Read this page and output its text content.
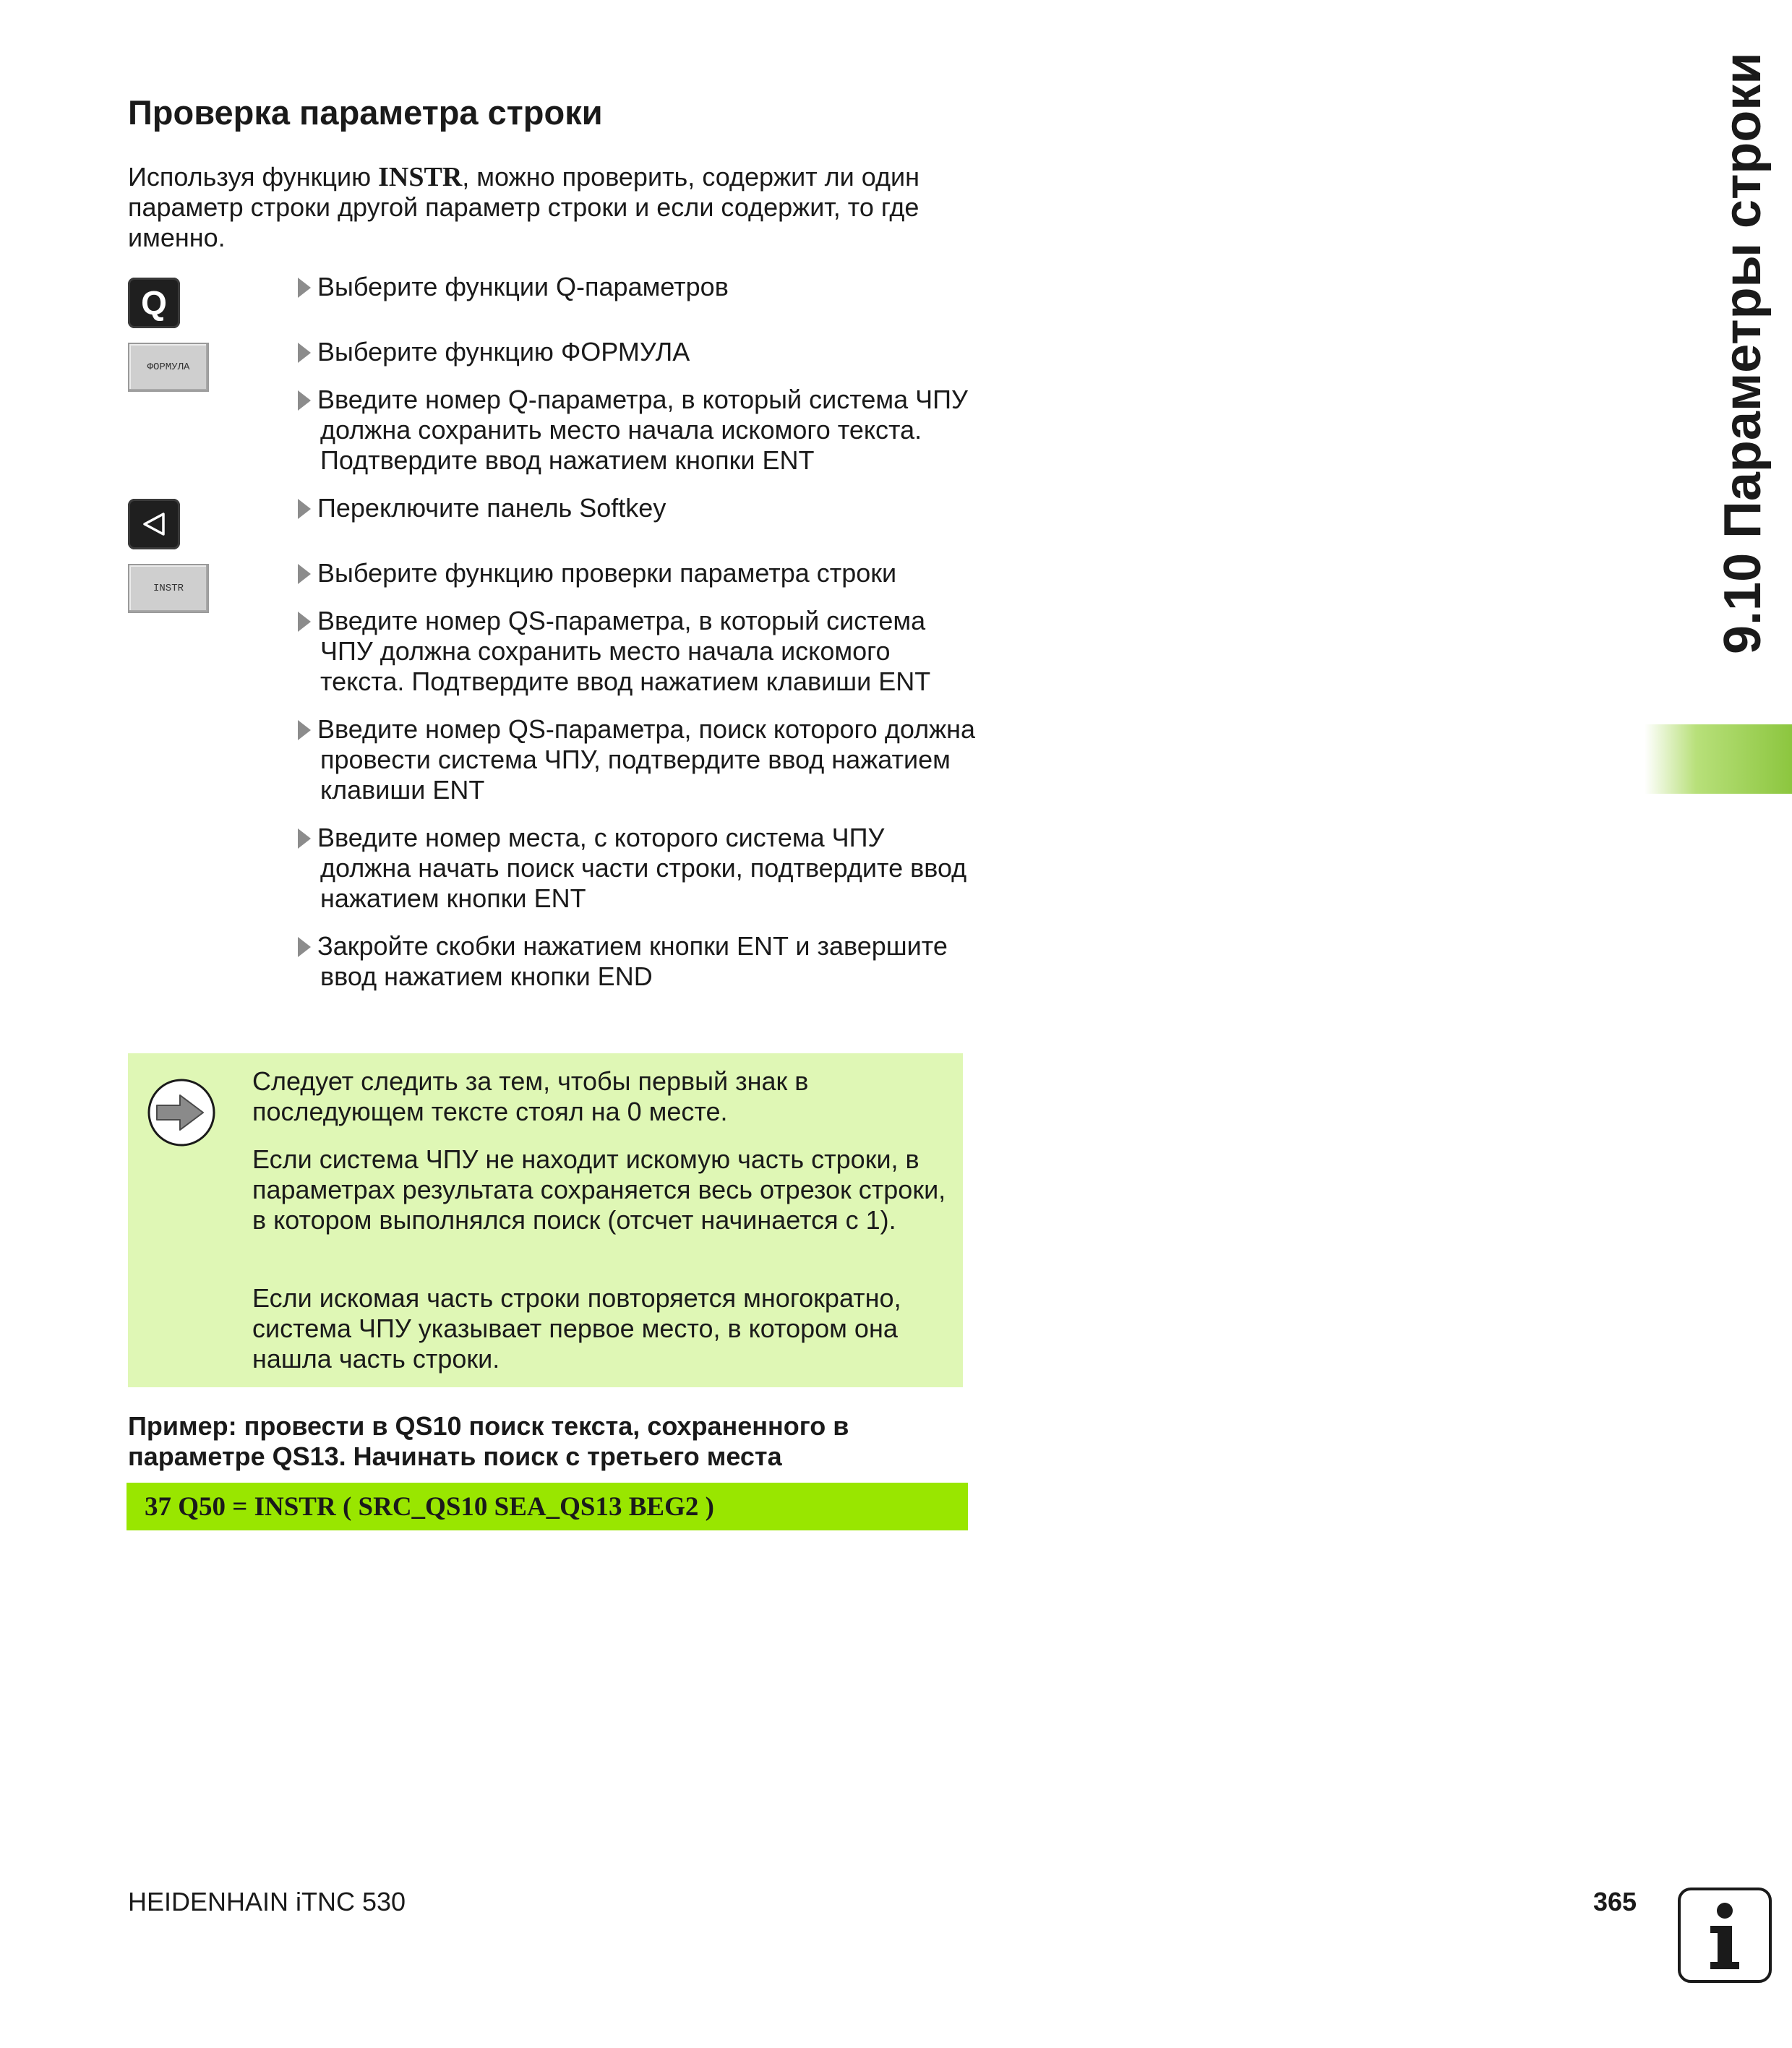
Проверка параметра строки

Используя функцию INSTR, можно проверить, содержит ли один параметр строки другой параметр строки и если содержит, то где именно.

Q
ФОРМУЛА
INSTR
Выберите функции Q-параметров
Выберите функцию ФОРМУЛА
Введите номер Q-параметра, в который система ЧПУ должна сохранить место начала искомого текста. Подтвердите ввод нажатием кнопки ENT
Переключите панель Softkey
Выберите функцию проверки параметра строки
Введите номер QS-параметра, в который система ЧПУ должна сохранить место начала искомого текста. Подтвердите ввод нажатием клавиши ENT
Введите номер QS-параметра, поиск которого должна провести система ЧПУ, подтвердите ввод нажатием клавиши ENT
Введите номер места, с которого система ЧПУ должна начать поиск части строки, подтвердите ввод нажатием кнопки ENT
Закройте скобки нажатием кнопки ENT и завершите ввод нажатием кнопки END

Следует следить за тем, чтобы первый знак в последующем тексте стоял на 0 месте.

Если система ЧПУ не находит искомую часть строки, в параметрах результата сохраняется весь отрезок строки, в котором выполнялся поиск (отсчет начинается с 1).

Если искомая часть строки повторяется многократно, система ЧПУ указывает первое место, в котором она нашла часть строки.

Пример: провести в QS10 поиск текста, сохраненного в параметре QS13. Начинать поиск с третьего места

37 Q50 = INSTR ( SRC_QS10 SEA_QS13 BEG2 )
9.10 Параметры строки
HEIDENHAIN iTNC 530	365
